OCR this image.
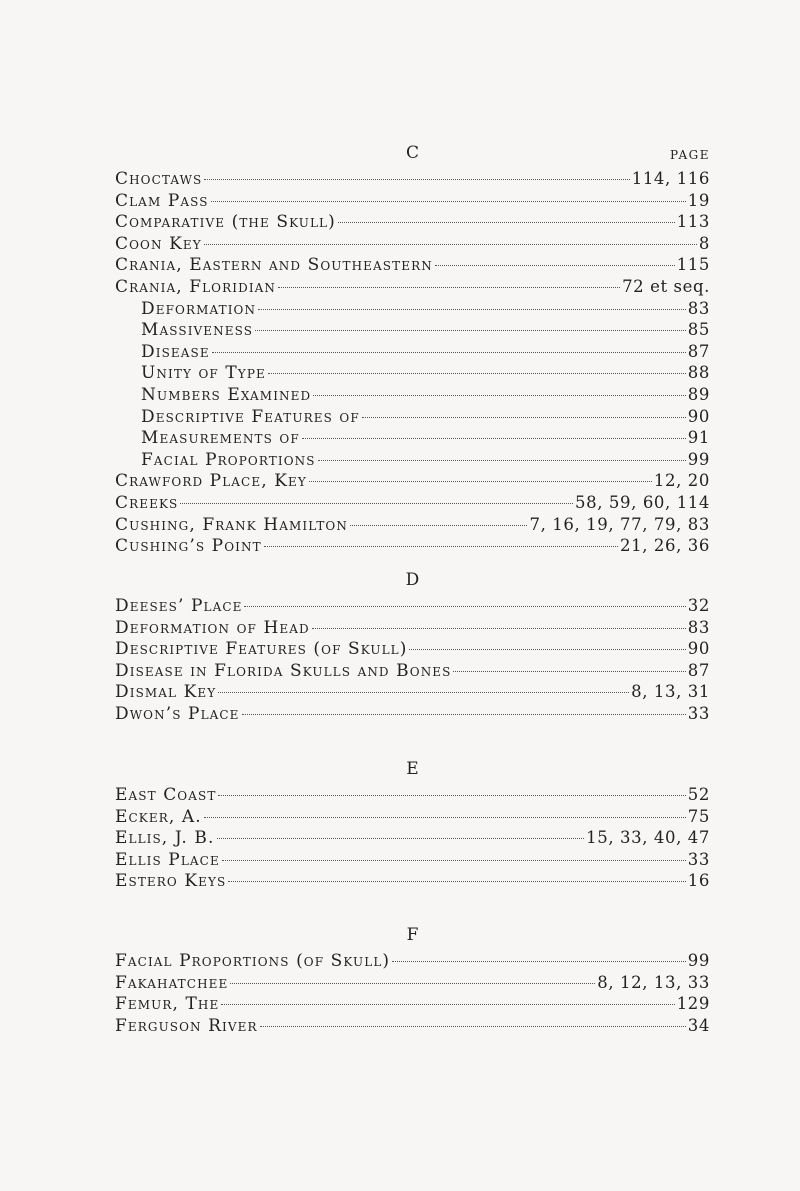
C	PAGE
Choctaws	114, 116
Clam Pass	19
Comparative (the Skull)	113
Coon Key	8
Crania, Eastern and Southeastern	115
Crania, Floridian	72 et seq.
Deformation	83
Massiveness	85
Disease	87
Unity of Type	88
Numbers Examined	89
Descriptive Features of	90
Measurements of	91
Facial Proportions	99
Crawford Place, Key	12, 20
Creeks	58, 59, 60, 114
Cushing, Frank Hamilton	7, 16, 19, 77, 79, 83
Cushing’s Point	21, 26, 36
D
Deeses’ Place	32
Deformation of Head	83
Descriptive Features (of Skull)	90
Disease in Florida Skulls and Bones	87
Dismal Key	8, 13, 31
Dwon’s Place	33
E
East Coast	52
Ecker, A.	75
Ellis, J. B.	15, 33, 40, 47
Ellis Place	33
Estero Keys	16
F
Facial Proportions (of Skull)	99
Fakahatchee	8, 12, 13, 33
Femur, The	129
Ferguson River	34
